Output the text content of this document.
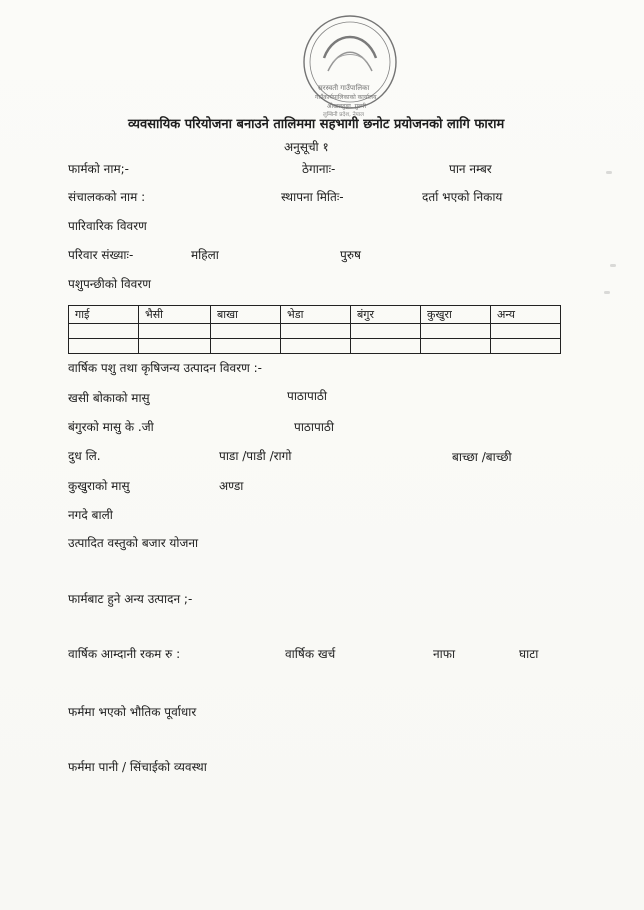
सरस्वती गाउँपालिका
गाउँकार्यपालिकाको कार्यालय
ओखलढुङ्गा, गुल्मी
लुम्बिनी प्रदेश, नेपाल
व्यवसायिक परियोजना बनाउने तालिममा सहभागी छनोट प्रयोजनको लागि फाराम
अनुसूची १
फार्मको नाम;-	ठेगानाः-	पान नम्बर
संचालकको नाम :	स्थापना मितिः-	दर्ता भएको निकाय
पारिवारिक विवरण
परिवार संख्याः-	महिला	पुरुष
पशुपन्छीको विवरण
गाई	भैसी	बाखा	भेडा	बंगुर	कुखुरा	अन्य

वार्षिक पशु तथा कृषिजन्य उत्पादन विवरण :-
खसी बोकाको मासु	पाठापाठी
बंगुरको मासु के .जी	पाठापाठी
दुध लि.	पाडा /पाडी /रागो	बाच्छा /बाच्छी
कुखुराको मासु	अण्डा
नगदे बाली
उत्पादित वस्तुको बजार योजना
फार्मबाट हुने अन्य उत्पादन ;-
वार्षिक आम्दानी रकम रु :	वार्षिक खर्च	नाफा	घाटा
फर्ममा भएको भौतिक पूर्वाधार
फर्ममा पानी / सिंचाईको व्यवस्था
